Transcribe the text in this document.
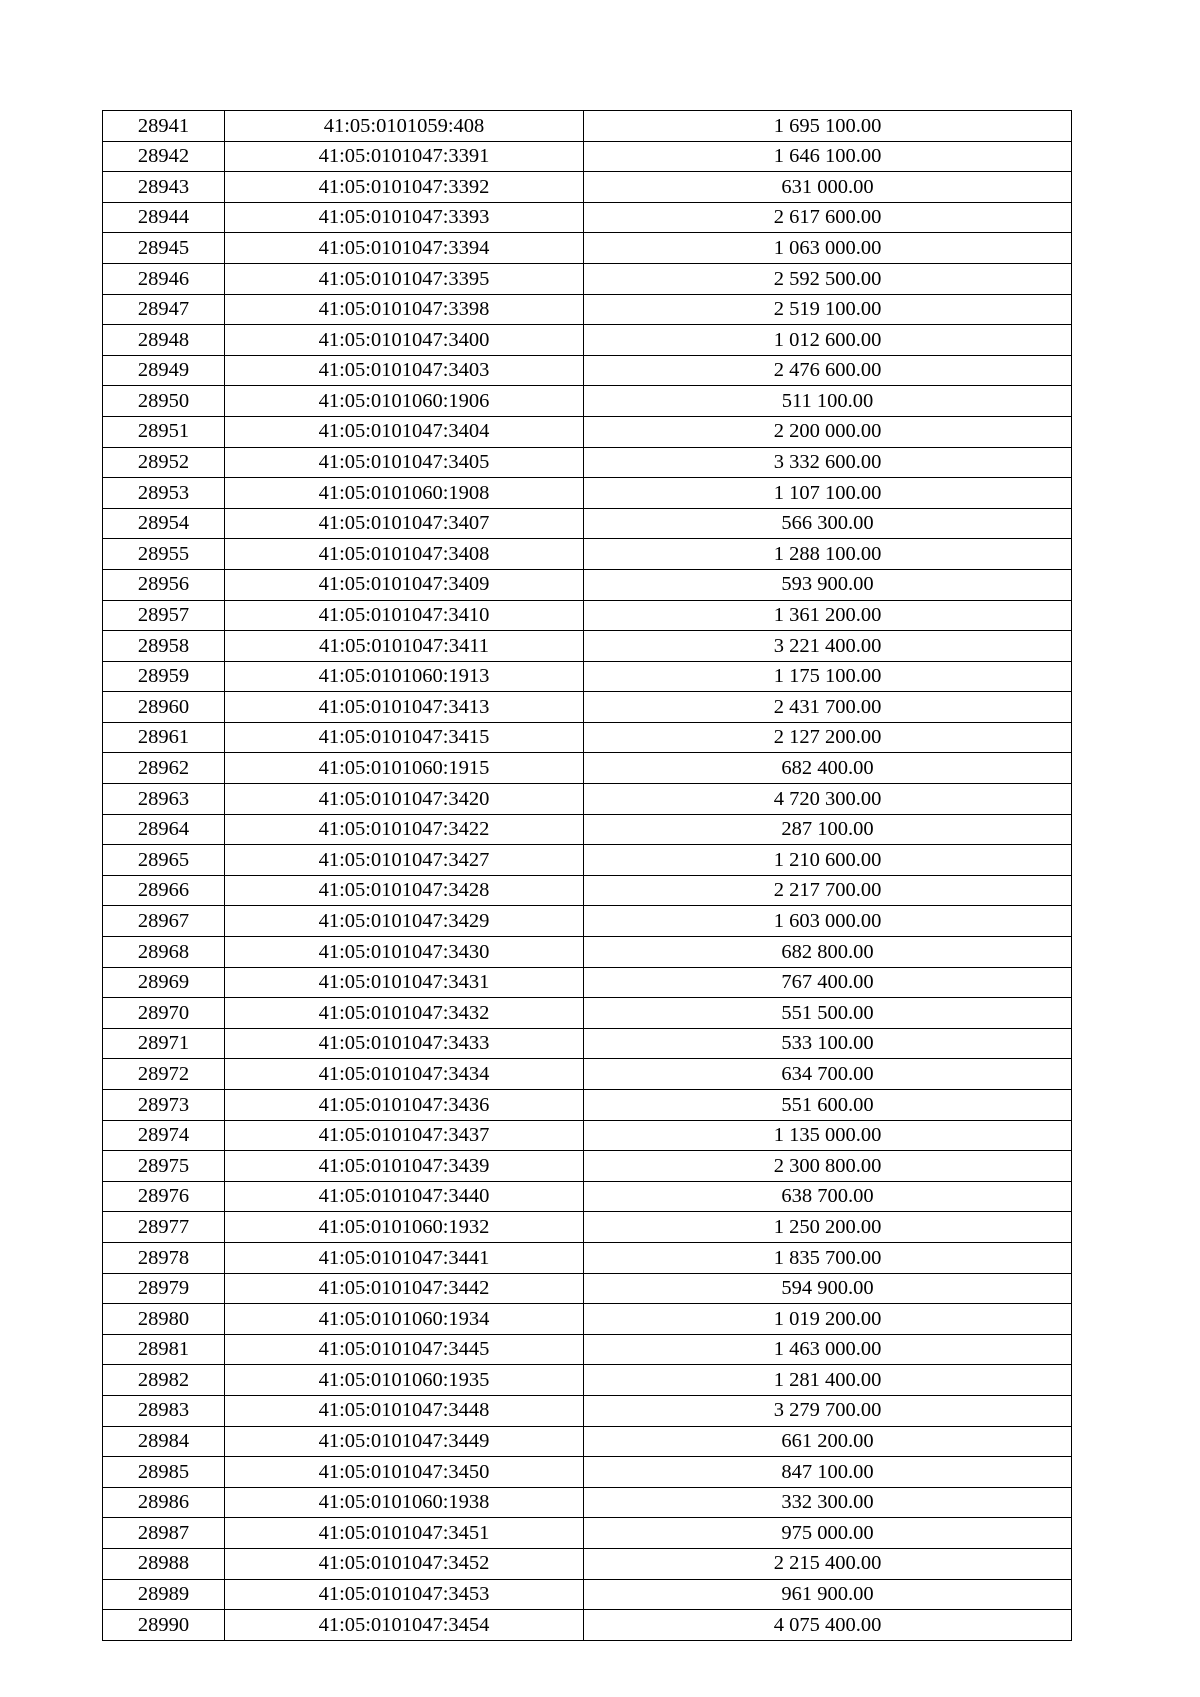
28941	41:05:0101059:408	1 695 100.00
28942	41:05:0101047:3391	1 646 100.00
28943	41:05:0101047:3392	631 000.00
28944	41:05:0101047:3393	2 617 600.00
28945	41:05:0101047:3394	1 063 000.00
28946	41:05:0101047:3395	2 592 500.00
28947	41:05:0101047:3398	2 519 100.00
28948	41:05:0101047:3400	1 012 600.00
28949	41:05:0101047:3403	2 476 600.00
28950	41:05:0101060:1906	511 100.00
28951	41:05:0101047:3404	2 200 000.00
28952	41:05:0101047:3405	3 332 600.00
28953	41:05:0101060:1908	1 107 100.00
28954	41:05:0101047:3407	566 300.00
28955	41:05:0101047:3408	1 288 100.00
28956	41:05:0101047:3409	593 900.00
28957	41:05:0101047:3410	1 361 200.00
28958	41:05:0101047:3411	3 221 400.00
28959	41:05:0101060:1913	1 175 100.00
28960	41:05:0101047:3413	2 431 700.00
28961	41:05:0101047:3415	2 127 200.00
28962	41:05:0101060:1915	682 400.00
28963	41:05:0101047:3420	4 720 300.00
28964	41:05:0101047:3422	287 100.00
28965	41:05:0101047:3427	1 210 600.00
28966	41:05:0101047:3428	2 217 700.00
28967	41:05:0101047:3429	1 603 000.00
28968	41:05:0101047:3430	682 800.00
28969	41:05:0101047:3431	767 400.00
28970	41:05:0101047:3432	551 500.00
28971	41:05:0101047:3433	533 100.00
28972	41:05:0101047:3434	634 700.00
28973	41:05:0101047:3436	551 600.00
28974	41:05:0101047:3437	1 135 000.00
28975	41:05:0101047:3439	2 300 800.00
28976	41:05:0101047:3440	638 700.00
28977	41:05:0101060:1932	1 250 200.00
28978	41:05:0101047:3441	1 835 700.00
28979	41:05:0101047:3442	594 900.00
28980	41:05:0101060:1934	1 019 200.00
28981	41:05:0101047:3445	1 463 000.00
28982	41:05:0101060:1935	1 281 400.00
28983	41:05:0101047:3448	3 279 700.00
28984	41:05:0101047:3449	661 200.00
28985	41:05:0101047:3450	847 100.00
28986	41:05:0101060:1938	332 300.00
28987	41:05:0101047:3451	975 000.00
28988	41:05:0101047:3452	2 215 400.00
28989	41:05:0101047:3453	961 900.00
28990	41:05:0101047:3454	4 075 400.00
